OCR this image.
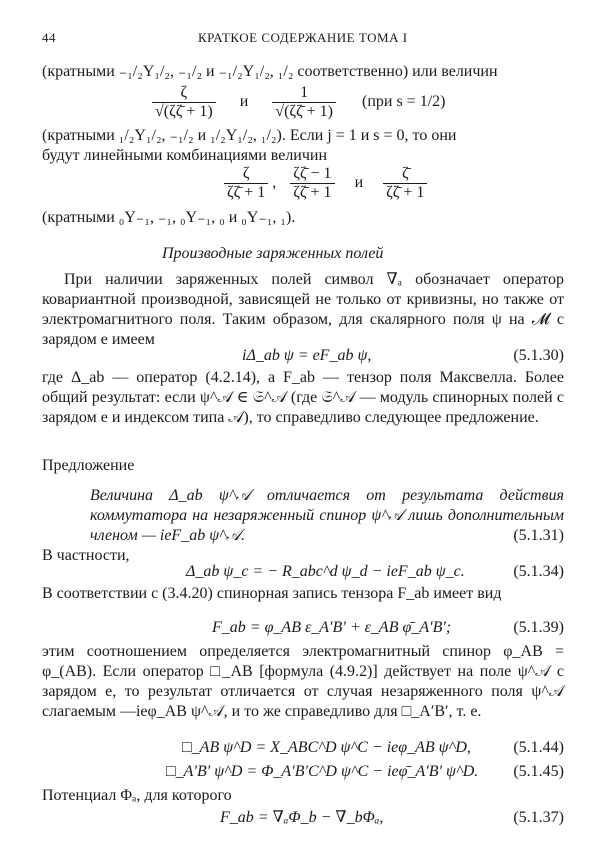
44	КРАТКОЕ СОДЕРЖАНИЕ ТОМА I
(кратными ₋₁/₂Y₁/₂, ₋₁/₂ и ₋₁/₂Y₁/₂, ₁/₂ соответственно) или величин
$\frac{\zeta}{√(\zeta\zetā + 1)}$ и $\frac{1}{√(\zeta\zetā + 1)} (при$ s = 1/2)
(кратными ₁/₂Y₁/₂, ₋₁/₂ и ₁/₂Y₁/₂, ₁/₂). Если j = 1 и s = 0, то они
будут линейными комбинациями величин
$\frac{\zeta}{\zeta\zetā + 1}$ , $\frac{\zeta\zetā - 1}{\zeta\zetā + 1}$ и $\frac{\zetā}{\zeta\zetā + 1}$
(кратными ₀Y₋₁, ₋₁, ₀Y₋₁, ₀ и ₀Y₋₁, ₁).
Производные заряженных полей
При наличии заряженных полей символ ∇ₐ обозначает оператор ковариантной производной, зависящей не только от кривизны, но также от электромагнитного поля. Таким образом, для скалярного поля ψ на 𝓜 с зарядом e имеем
iΔ_ab ψ = eF_ab ψ,	(5.1.30)
где Δ_ab — оператор (4.2.14), а F_ab — тензор поля Максвелла. Более общий результат: если ψ^𝒜 ∈ 𝔖^𝒜 (где 𝔖^𝒜 — модуль спинорных полей с зарядом e и индексом типа 𝒜), то справедливо следующее предложение.
Предложение
Величина Δ_ab ψ^𝒜 отличается от результата действия коммутатора на незаряженный спинор ψ^𝒜 лишь дополнительным членом — ieF_ab ψ^𝒜.	(5.1.31)
В частности,
Δ_ab ψ_c = − R_abc^d ψ_d − ieF_ab ψ_c.	(5.1.34)
В соответствии с (3.4.20) спинорная запись тензора F_ab имеет вид
F_ab = φ_AB ε_A′B′ + ε_AB φ̄_A′B′;	(5.1.39)
этим соотношением определяется электромагнитный спинор φ_AB = φ_(AB). Если оператор □_AB [формула (4.9.2)] действует на поле ψ^𝒜 с зарядом e, то результат отличается от случая незаряженного поля ψ^𝒜 слагаемым —ieφ_AB ψ^𝒜, и то же справедливо для □_A′B′, т. е.
□_AB ψ^D = X_ABC^D ψ^C − ieφ_AB ψ^D,	(5.1.44)
□_A′B′ ψ^D = Φ_A′B′C^D ψ^C − ieφ̄_A′B′ ψ^D. (5.1.45)
Потенциал Φₐ, для которого
F_ab = ∇ₐΦ_b − ∇_bΦₐ,	(5.1.37)
